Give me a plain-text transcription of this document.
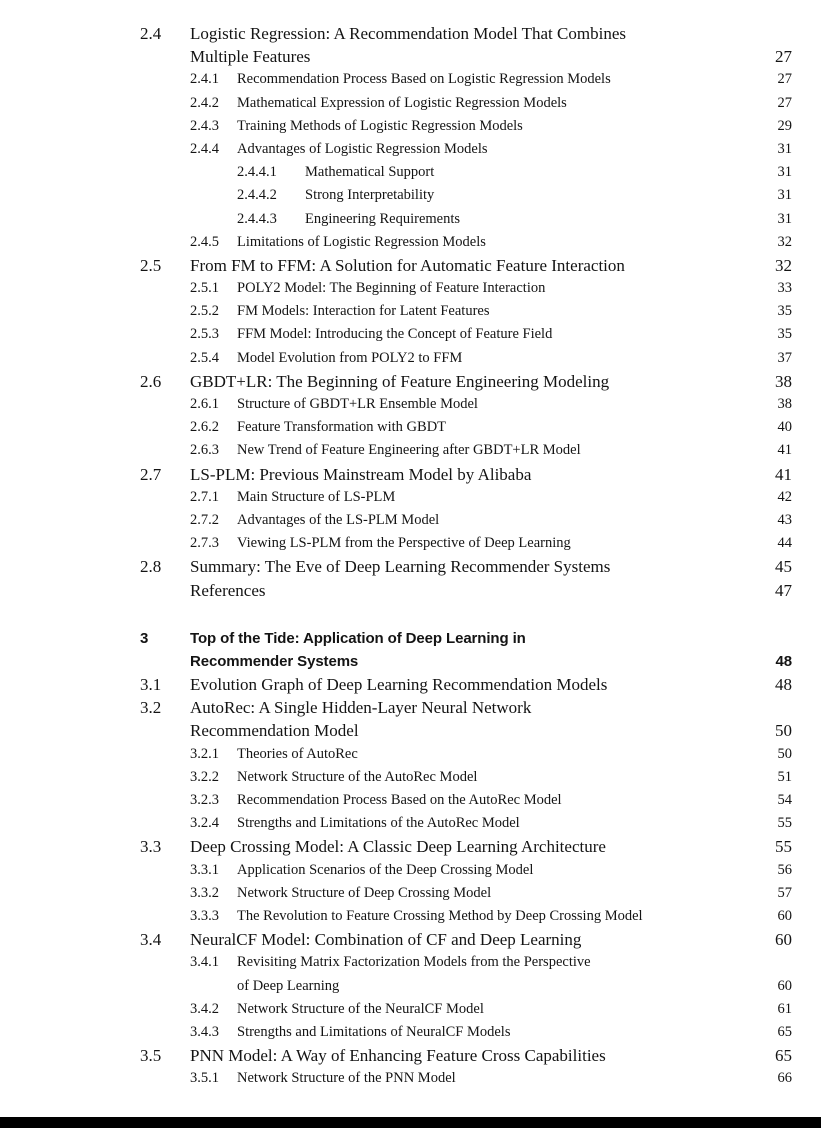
2.4	Logistic Regression: A Recommendation Model That Combines
Multiple Features	27
2.4.1	Recommendation Process Based on Logistic Regression Models	27
2.4.2	Mathematical Expression of Logistic Regression Models	27
2.4.3	Training Methods of Logistic Regression Models	29
2.4.4	Advantages of Logistic Regression Models	31
2.4.4.1	Mathematical Support	31
2.4.4.2	Strong Interpretability	31
2.4.4.3	Engineering Requirements	31
2.4.5	Limitations of Logistic Regression Models	32
2.5	From FM to FFM: A Solution for Automatic Feature Interaction	32
2.5.1	POLY2 Model: The Beginning of Feature Interaction	33
2.5.2	FM Models: Interaction for Latent Features	35
2.5.3	FFM Model: Introducing the Concept of Feature Field	35
2.5.4	Model Evolution from POLY2 to FFM	37
2.6	GBDT+LR: The Beginning of Feature Engineering Modeling	38
2.6.1	Structure of GBDT+LR Ensemble Model	38
2.6.2	Feature Transformation with GBDT	40
2.6.3	New Trend of Feature Engineering after GBDT+LR Model	41
2.7	LS-PLM: Previous Mainstream Model by Alibaba	41
2.7.1	Main Structure of LS-PLM	42
2.7.2	Advantages of the LS-PLM Model	43
2.7.3	Viewing LS-PLM from the Perspective of Deep Learning	44
2.8	Summary: The Eve of Deep Learning Recommender Systems	45
References	47
3	Top of the Tide: Application of Deep Learning in
Recommender Systems	48
3.1	Evolution Graph of Deep Learning Recommendation Models	48
3.2	AutoRec: A Single Hidden-Layer Neural Network
Recommendation Model	50
3.2.1	Theories of AutoRec	50
3.2.2	Network Structure of the AutoRec Model	51
3.2.3	Recommendation Process Based on the AutoRec Model	54
3.2.4	Strengths and Limitations of the AutoRec Model	55
3.3	Deep Crossing Model: A Classic Deep Learning Architecture	55
3.3.1	Application Scenarios of the Deep Crossing Model	56
3.3.2	Network Structure of Deep Crossing Model	57
3.3.3	The Revolution to Feature Crossing Method by Deep Crossing Model	60
3.4	NeuralCF Model: Combination of CF and Deep Learning	60
3.4.1	Revisiting Matrix Factorization Models from the Perspective
of Deep Learning	60
3.4.2	Network Structure of the NeuralCF Model	61
3.4.3	Strengths and Limitations of NeuralCF Models	65
3.5	PNN Model: A Way of Enhancing Feature Cross Capabilities	65
3.5.1	Network Structure of the PNN Model	66
